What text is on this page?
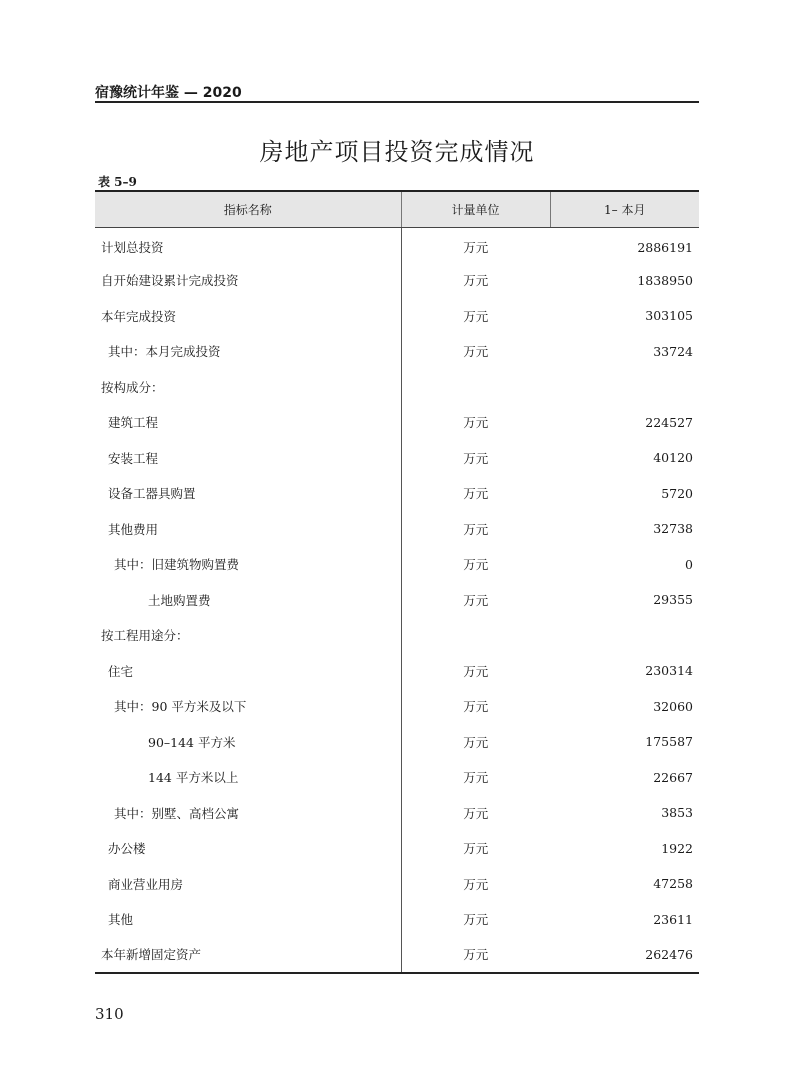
宿豫统计年鉴 — 2020
房地产项目投资完成情况
表 5–9
指标名称	计量单位	1– 本月
计划总投资	万元	2886191
自开始建设累计完成投资	万元	1838950
本年完成投资	万元	303105
其中：本月完成投资	万元	33724
按构成分：		
建筑工程	万元	224527
安装工程	万元	40120
设备工器具购置	万元	5720
其他费用	万元	32738
其中：旧建筑物购置费	万元	0
土地购置费	万元	29355
按工程用途分：		
住宅	万元	230314
其中：90 平方米及以下	万元	32060
90–144 平方米	万元	175587
144 平方米以上	万元	22667
其中：别墅、高档公寓	万元	3853
办公楼	万元	1922
商业营业用房	万元	47258
其他	万元	23611
本年新增固定资产	万元	262476
310
